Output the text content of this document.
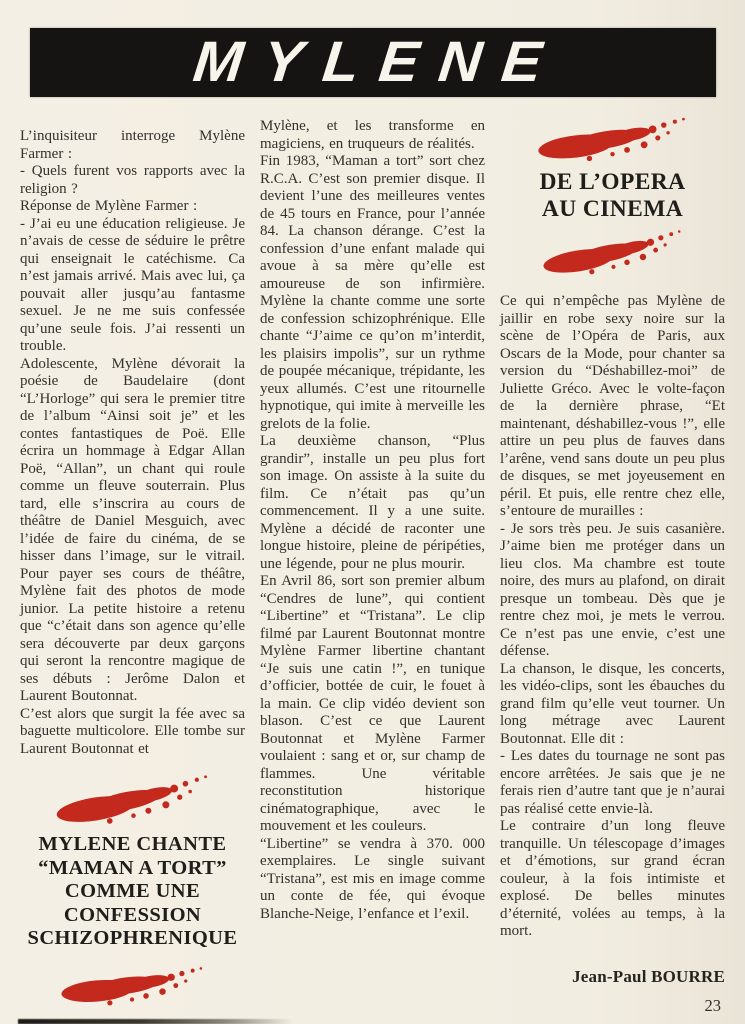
MYLENE

L’inquisiteur interroge Mylène Farmer :

- Quels furent vos rapports avec la religion ?

Réponse de Mylène Farmer :

- J’ai eu une éducation religieuse. Je n’avais de cesse de séduire le prêtre qui enseignait le catéchisme. Ca n’est jamais arrivé. Mais avec lui, ça pouvait aller jusqu’au fantasme sexuel. Je ne me suis confessée qu’une seule fois. J’ai ressenti un trouble.

Adolescente, Mylène dévorait la poésie de Baudelaire (dont “L’Horloge” qui sera le premier titre de l’album “Ainsi soit je” et les contes fantastiques de Poë. Elle écrira un hommage à Edgar Allan Poë, “Allan”, un chant qui roule comme un fleuve souterrain. Plus tard, elle s’inscrira au cours de théâtre de Daniel Mesguich, avec l’idée de faire du cinéma, de se hisser dans l’image, sur le vitrail. Pour payer ses cours de théâtre, Mylène fait des photos de mode junior. La petite histoire a retenu que “c’était dans son agence qu’elle sera découverte par deux garçons qui seront la rencontre magique de ses débuts : Jerôme Dalon et Laurent Boutonnat.

C’est alors que surgit la fée avec sa baguette multicolore. Elle tombe sur Laurent Boutonnat et

MYLENE CHANTE
“MAMAN A TORT”
COMME UNE
CONFESSION
SCHIZOPHRENIQUE

Mylène, et les transforme en magiciens, en truqueurs de réalités.

Fin 1983, “Maman a tort” sort chez R.C.A. C’est son premier disque. Il devient l’une des meilleures ventes de 45 tours en France, pour l’année 84. La chanson dérange. C’est la confession d’une enfant malade qui avoue à sa mère qu’elle est amoureuse de son infirmière. Mylène la chante comme une sorte de confession schizophrénique. Elle chante “J’aime ce qu’on m’interdit, les plaisirs impolis”, sur un rythme de poupée mécanique, trépidante, les yeux allumés. C’est une ritournelle hypnotique, qui imite à merveille les grelots de la folie.

La deuxième chanson, “Plus grandir”, installe un peu plus fort son image. On assiste à la suite du film. Ce n’était pas qu’un commencement. Il y a une suite. Mylène a décidé de raconter une longue histoire, pleine de péripéties, une légende, pour ne plus mourir.

En Avril 86, sort son premier album “Cendres de lune”, qui contient “Libertine” et “Tristana”. Le clip filmé par Laurent Boutonnat montre Mylène Farmer libertine chantant “Je suis une catin !”, en tunique d’officier, bottée de cuir, le fouet à la main. Ce clip vidéo devient son blason. C’est ce que Laurent Boutonnat et Mylène Farmer voulaient : sang et or, sur champ de flammes. Une véritable reconstitution historique cinématographique, avec le mouvement et les couleurs.

“Libertine” se vendra à 370. 000 exemplaires. Le single suivant “Tristana”, est mis en image comme un conte de fée, qui évoque Blanche-Neige, l’enfance et l’exil.

DE L’OPERA
AU CINEMA

Ce qui n’empêche pas Mylène de jaillir en robe sexy noire sur la scène de l’Opéra de Paris, aux Oscars de la Mode, pour chanter sa version du “Déshabillez-moi” de Juliette Gréco. Avec le volte-façon de la dernière phrase, “Et maintenant, déshabillez-vous !”, elle attire un peu plus de fauves dans l’arêne, vend sans doute un peu plus de disques, se met joyeusement en péril. Et puis, elle rentre chez elle, s’entoure de murailles :

- Je sors très peu. Je suis casanière. J’aime bien me protéger dans un lieu clos. Ma chambre est toute noire, des murs au plafond, on dirait presque un tombeau. Dès que je rentre chez moi, je mets le verrou. Ce n’est pas une envie, c’est une défense.

La chanson, le disque, les concerts, les vidéo-clips, sont les ébauches du grand film qu’elle veut tourner. Un long métrage avec Laurent Boutonnat. Elle dit :

- Les dates du tournage ne sont pas encore arrêtées. Je sais que je ne ferais rien d’autre tant que je n’aurai pas réalisé cette envie-là.

Le contraire d’un long fleuve tranquille. Un télescopage d’images et d’émotions, sur grand écran couleur, à la fois intimiste et explosé. De belles minutes d’éternité, volées au temps, à la mort.

Jean-Paul BOURRE
23
